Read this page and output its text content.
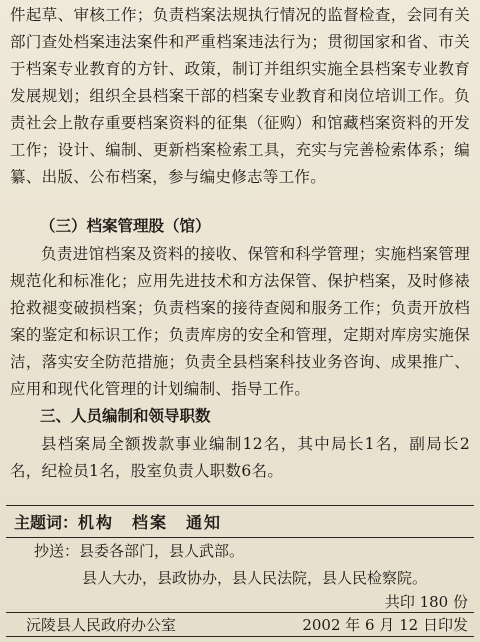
件起草、审核工作；负责档案法规执行情况的监督检查，会同有关部门查处档案违法案件和严重档案违法行为；贯彻国家和省、市关于档案专业教育的方针、政策，制订并组织实施全县档案专业教育发展规划；组织全县档案干部的档案专业教育和岗位培训工作。负责社会上散存重要档案资料的征集（征购）和馆藏档案资料的开发工作；设计、编制、更新档案检索工具，充实与完善检索体系；编纂、出版、公布档案，参与编史修志等工作。

（三）档案管理股（馆）

负责进馆档案及资料的接收、保管和科学管理；实施档案管理规范化和标准化；应用先进技术和方法保管、保护档案，及时修裱抢救褪变破损档案；负责档案的接待查阅和服务工作；负责开放档案的鉴定和标识工作；负责库房的安全和管理，定期对库房实施保洁，落实安全防范措施；负责全县档案科技业务咨询、成果推广、应用和现代化管理的计划编制、指导工作。

三、人员编制和领导职数

县档案局全额拨款事业编制12名，其中局长1名，副局长2名，纪检员1名，股室负责人职数6名。

主题词：机构　档案　通知

抄送：县委各部门，县人武部。

县人大办，县政协办，县人民法院，县人民检察院。

共印 180 份

沅陵县人民政府办公室	2002 年 6 月 12 日印发
